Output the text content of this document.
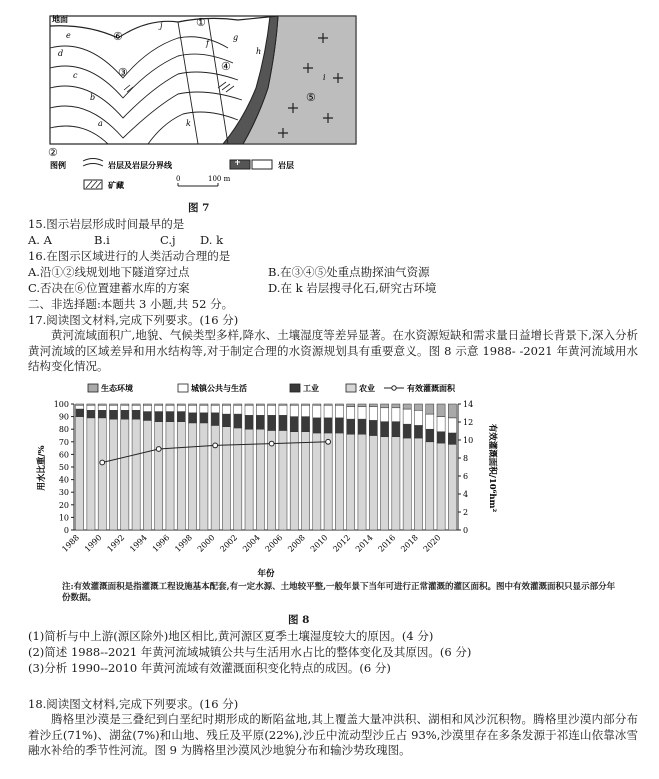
地面	①
②
③	④
⑤
⑥
a
b
c
d
e
f
g
h
i
j
k
图例	岩层及岩层分界线	岩层
矿藏
0	100 m
图 7
15.图示岩层形成时间最早的是
A. A	B.i	C.j D. k
16.在图示区域进行的人类活动合理的是
A.沿①②线规划地下隧道穿过点	B.在③④⑤处重点勘探油气资源
C.否决在⑥位置建蓄水库的方案	D.在 k 岩层搜寻化石,研究古环境
二、非选择题:本题共 3 小题,共 52 分。
17.阅读图文材料,完成下列要求。(16 分)
黄河流域面积广,地貌、气候类型多样,降水、土壤湿度等差异显著。在水资源短缺和需求量日益增长背景下,深入分析黄河流域的区域差异和用水结构等,对于制定合理的水资源规划具有重要意义。图 8 示意 1988- -2021 年黄河流域用水结构变化情况。
生态环境	城镇公共与生活	工业	农业	有效灌溉面积
0
10
20
30
40
50
60
70
80
90
100
0
2
4
6
8
10
12
14
1988 1990 1992 1994 1996 1998 2000 2002 2004 2006 2008 2010 2012 2014 2016 2018 2020
年份
用水比重/%	有效灌溉面积/10⁶hm²
注:有效灌溉面积是指灌溉工程设施基本配套,有一定水源、土地较平整,一般年景下当年可进行正常灌溉的灌区面积。图中有效灌溉面积只显示部分年份数据。
图 8
(1)简析与中上游(源区除外)地区相比,黄河源区夏季土壤湿度较大的原因。(4 分)
(2)简述 1988--2021 年黄河流域城镇公共与生活用水占比的整体变化及其原因。(6 分)
(3)分析 1990--2010 年黄河流域有效灌溉面积变化特点的成因。(6 分)
18.阅读图文材料,完成下列要求。(16 分)
腾格里沙漠是三叠纪到白垩纪时期形成的断陷盆地,其上覆盖大量冲洪积、湖相和风沙沉积物。腾格里沙漠内部分布着沙丘(71%)、湖盆(7%)和山地、残丘及平原(22%),沙丘中流动型沙丘占 93%,沙漠里存在多条发源于祁连山依靠冰雪融水补给的季节性河流。图 9 为腾格里沙漠风沙地貌分布和输沙势玫瑰图。
